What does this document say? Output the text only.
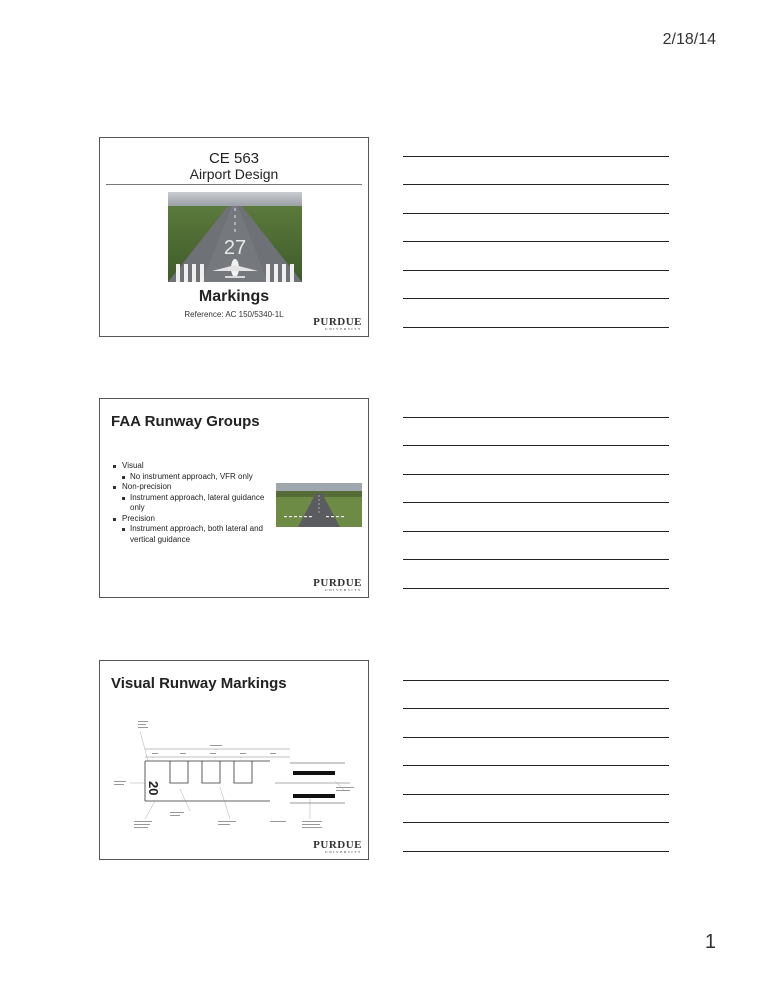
2/18/14
CE 563
Airport Design
27
Markings
Reference: AC 150/5340-1L
PURDUE
UNIVERSITY
FAA Runway Groups
Visual
No instrument approach, VFR only
Non-precision
Instrument approach, lateral guidance only
Precision
Instrument approach, both lateral and vertical guidance
PURDUE
UNIVERSITY
Visual Runway Markings
20
PURDUE
UNIVERSITY
1
